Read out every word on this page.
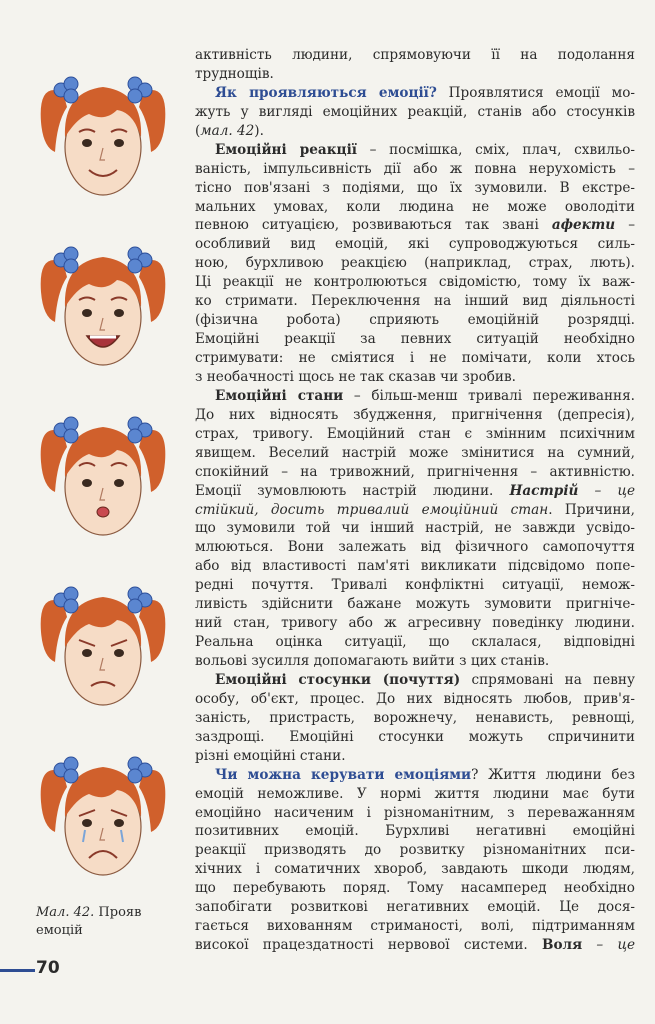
активність людини, спрямовуючи її на подолання
труднощів.
Як проявляються емоції? Проявлятися емоції мо-
жуть у вигляді емоційних реакцій, станів або стосунків
(мал. 42).
Емоційні реакції – посмішка, сміх, плач, схвильо-
ваність, імпульсивність дії або ж повна нерухомість –
тісно пов'язані з подіями, що їх зумовили. В екстре-
мальних умовах, коли людина не може оволодіти
певною ситуацією, розвиваються так звані афекти –
особливий вид емоцій, які супроводжуються силь-
ною, бурхливою реакцією (наприклад, страх, лють).
Ці реакції не контролюються свідомістю, тому їх важ-
ко стримати. Переключення на інший вид діяльності
(фізична робота) сприяють емоційній розрядці.
Емоційні реакції за певних ситуацій необхідно
стримувати: не сміятися і не помічати, коли хтось
з необачності щось не так сказав чи зробив.
Емоційні стани – більш-менш тривалі переживання.
До них відносять збудження, пригнічення (депресія),
страх, тривогу. Емоційний стан є змінним психічним
явищем. Веселий настрій може змінитися на сумний,
спокійний – на тривожний, пригнічення – активністю.
Емоції зумовлюють настрій людини. Настрій – це
стійкий, досить тривалий емоційний стан. Причини,
що зумовили той чи інший настрій, не завжди усвідо-
млюються. Вони залежать від фізичного самопочуття
або від властивості пам'яті викликати підсвідомо попе-
редні почуття. Тривалі конфліктні ситуації, немож-
ливість здійснити бажане можуть зумовити пригніче-
ний стан, тривогу або ж агресивну поведінку людини.
Реальна оцінка ситуації, що склалася, відповідні
вольові зусилля допомагають вийти з цих станів.
Емоційні стосунки (почуття) спрямовані на певну
особу, об'єкт, процес. До них відносять любов, прив'я-
заність, пристрасть, ворожнечу, ненависть, ревнощі,
заздрощі. Емоційні стосунки можуть спричинити
різні емоційні стани.
Чи можна керувати емоціями? Життя людини без
емоцій неможливе. У нормі життя людини має бути
емоційно насиченим і різноманітним, з переважанням
позитивних емоцій. Бурхливі негативні емоційні
реакції призводять до розвитку різноманітних пси-
хічних і соматичних хвороб, завдають шкоди людям,
що перебувають поряд. Тому насамперед необхідно
запобігати розвиткові негативних емоцій. Це дося-
гається вихованням стриманості, волі, підтриманням
високої працездатності нервової системи. Воля – це
Мал. 42. Прояв емоцій
70
